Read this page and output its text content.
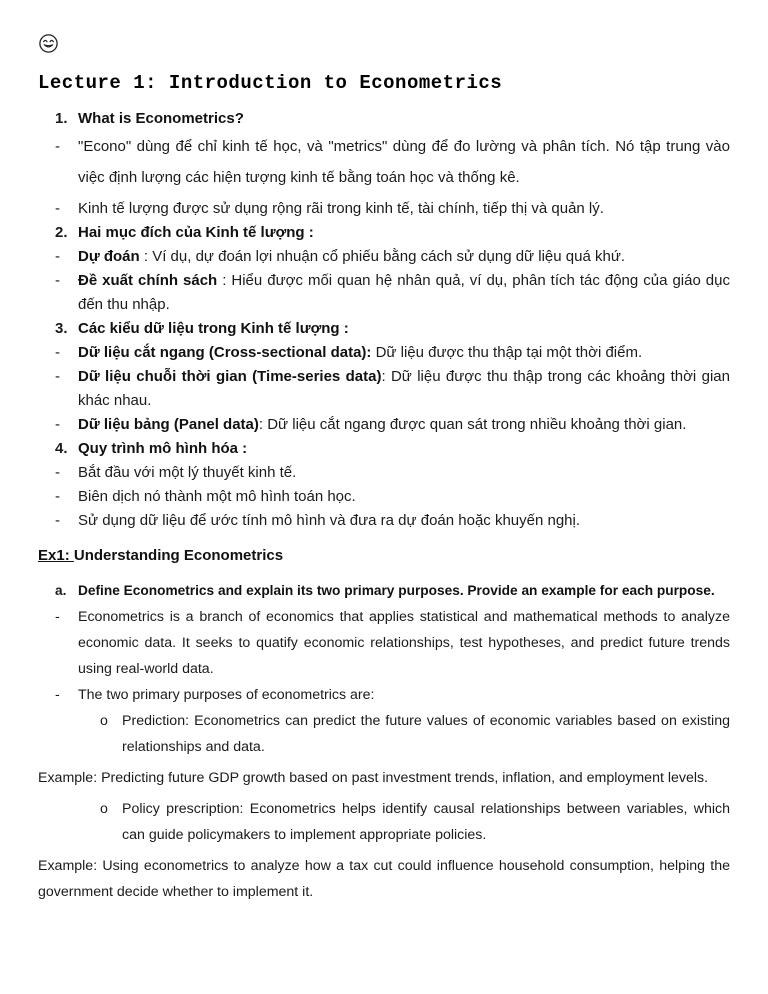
Lecture 1: Introduction to Econometrics
1. What is Econometrics?
- "Econo" dùng để chỉ kinh tế học, và "metrics" dùng để đo lường và phân tích. Nó tập trung vào việc định lượng các hiện tượng kinh tế bằng toán học và thống kê.
- Kinh tế lượng được sử dụng rộng rãi trong kinh tế, tài chính, tiếp thị và quản lý.
2. Hai mục đích của Kinh tế lượng :
- Dự đoán : Ví dụ, dự đoán lợi nhuận cổ phiếu bằng cách sử dụng dữ liệu quá khứ.
- Đề xuất chính sách : Hiểu được mối quan hệ nhân quả, ví dụ, phân tích tác động của giáo dục đến thu nhập.
3. Các kiểu dữ liệu trong Kinh tế lượng :
- Dữ liệu cắt ngang (Cross-sectional data): Dữ liệu được thu thập tại một thời điểm.
- Dữ liệu chuỗi thời gian (Time-series data): Dữ liệu được thu thập trong các khoảng thời gian khác nhau.
- Dữ liệu bảng (Panel data): Dữ liệu cắt ngang được quan sát trong nhiều khoảng thời gian.
4. Quy trình mô hình hóa :
- Bắt đầu với một lý thuyết kinh tế.
- Biên dịch nó thành một mô hình toán học.
- Sử dụng dữ liệu để ước tính mô hình và đưa ra dự đoán hoặc khuyến nghị.
Ex1: Understanding Econometrics
a. Define Econometrics and explain its two primary purposes. Provide an example for each purpose.
- Econometrics is a branch of economics that applies statistical and mathematical methods to analyze economic data. It seeks to quatify economic relationships, test hypotheses, and predict future trends using real-world data.
- The two primary purposes of econometrics are:
o Prediction: Econometrics can predict the future values of economic variables based on existing relationships and data.
Example: Predicting future GDP growth based on past investment trends, inflation, and employment levels.
o Policy prescription: Econometrics helps identify causal relationships between variables, which can guide policymakers to implement appropriate policies.
Example: Using econometrics to analyze how a tax cut could influence household consumption, helping the government decide whether to implement it.
